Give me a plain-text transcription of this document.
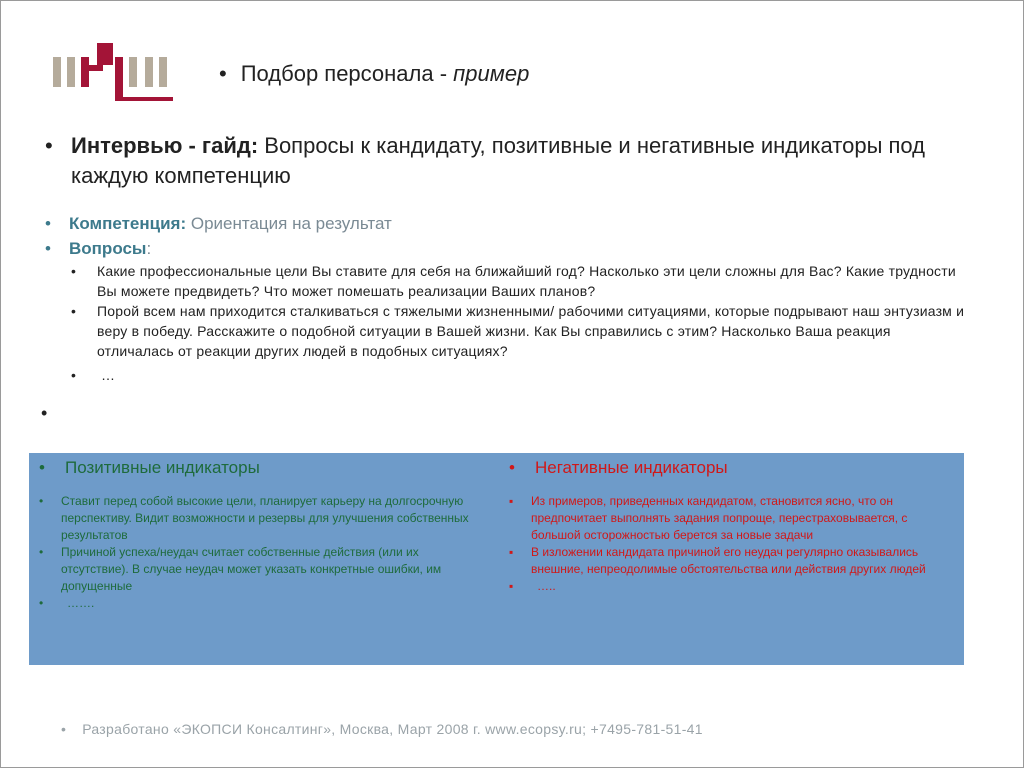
• Подбор персонала - пример
• Интервью - гайд: Вопросы к кандидату, позитивные и негативные индикаторы под каждую компетенцию
• Компетенция: Ориентация на результат
• Вопросы:
• Какие профессиональные цели Вы ставите для себя на ближайший год? Насколько эти цели сложны для Вас? Какие трудности Вы можете предвидеть? Что может помешать реализации Ваших планов?
• Порой всем нам приходится сталкиваться с тяжелыми жизненными/ рабочими ситуациями, которые подрывают наш энтузиазм и веру в победу. Расскажите о подобной ситуации в Вашей жизни. Как Вы справились с этим? Насколько Ваша реакция отличалась от реакции других людей в подобных ситуациях?
• …
•
• Позитивные индикаторы
• Ставит перед собой высокие цели, планирует карьеру на долгосрочную перспективу. Видит возможности и резервы для улучшения собственных результатов
• Причиной успеха/неудач считает собственные действия (или их отсутствие). В случае неудач может указать конкретные ошибки, им допущенные
• …….
• Негативные индикаторы
▪ Из примеров, приведенных кандидатом, становится ясно, что он предпочитает выполнять задания попроще, перестраховывается, с большой осторожностью берется за новые задачи
▪ В изложении кандидата причиной его неудач регулярно оказывались внешние, непреодолимые обстоятельства или действия других людей
▪ …..
• Разработано «ЭКОПСИ Консалтинг», Москва, Март 2008 г. www.ecopsy.ru; +7495-781-51-41
